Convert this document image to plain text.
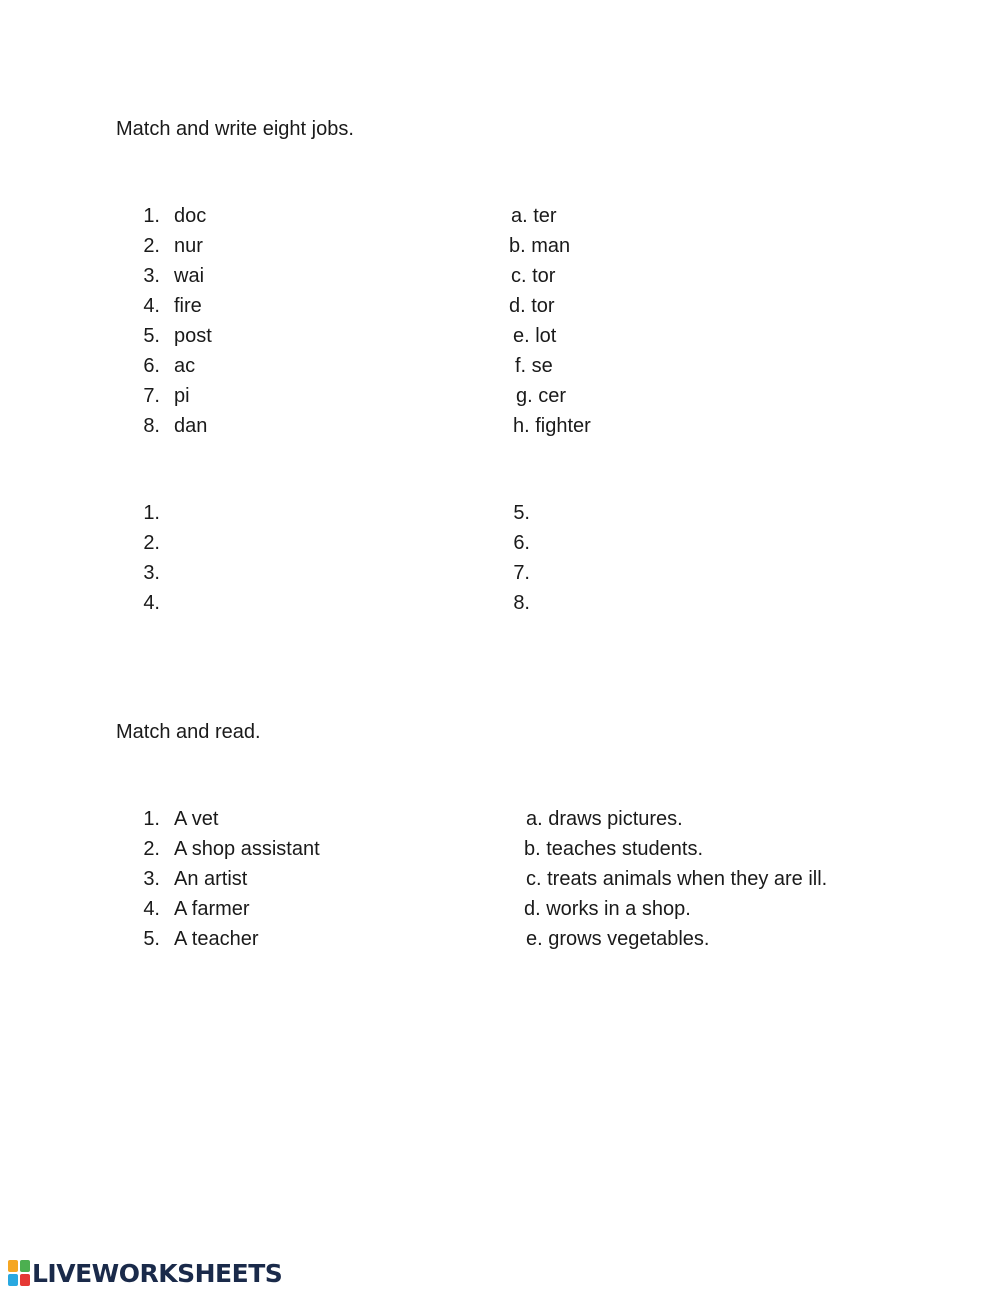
Match and write eight jobs.
1. doc	a. ter
2. nur	b. man
3. wai	c. tor
4. fire	d. tor
5. post	e. lot
6. ac	f. se
7. pi	g. cer
8. dan	h. fighter
1.	5.
2.	6.
3.	7.
4.	8.
Match and read.
1. A vet	a. draws pictures.
2. A shop assistant	b. teaches students.
3. An artist	c. treats animals when they are ill.
4. A farmer	d. works in a shop.
5. A teacher	e. grows vegetables.
LIVEWORKSHEETS
